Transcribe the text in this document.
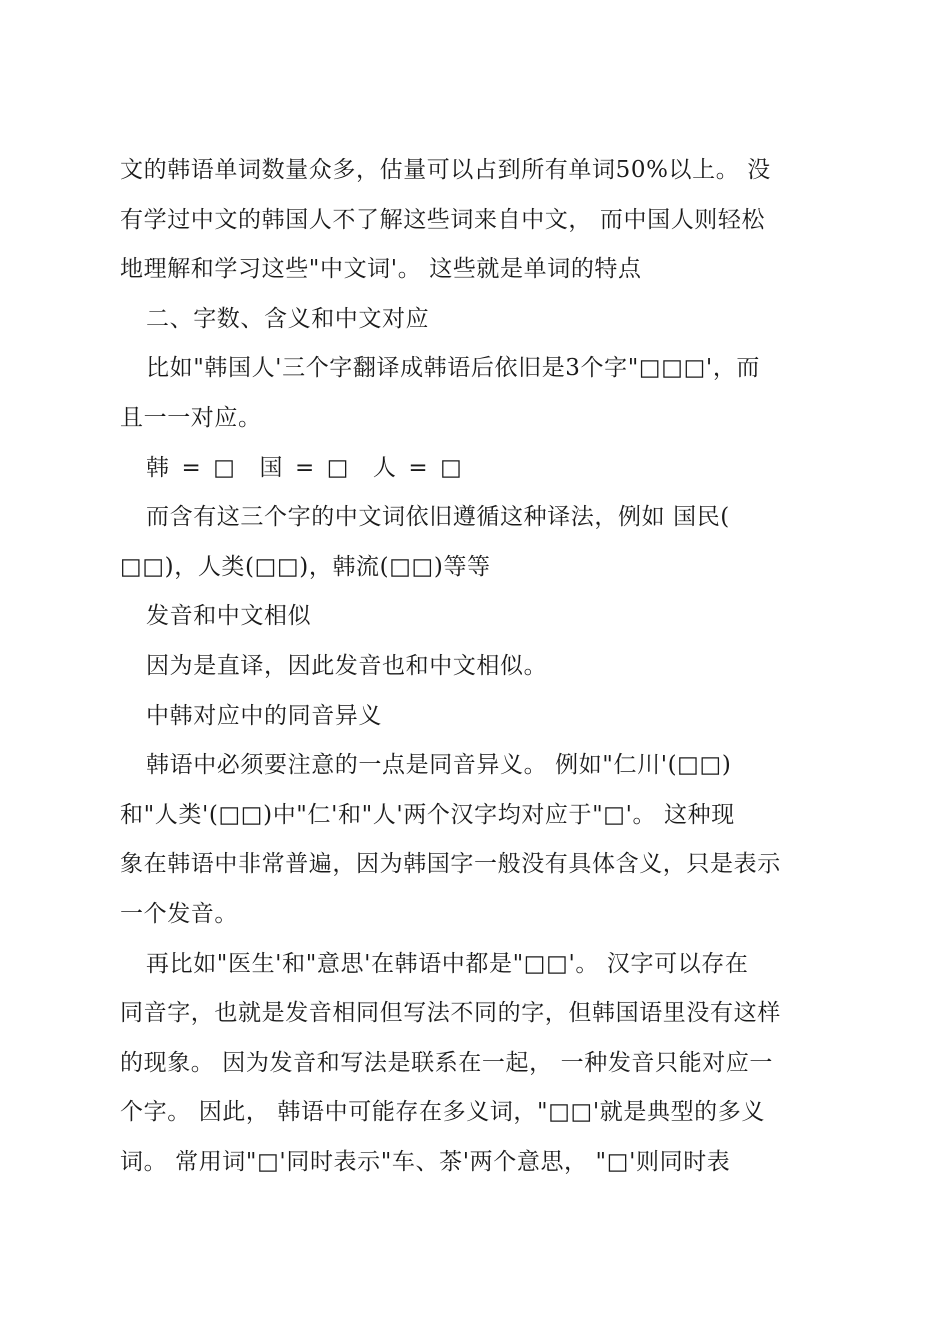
文的韩语单词数量众多，估量可以占到所有单词50%以上。 没
有学过中文的韩国人不了解这些词来自中文， 而中国人则轻松
地理解和学习这些"中文词'。 这些就是单词的特点
二、字数、含义和中文对应
比如"韩国人'三个字翻译成韩语后依旧是3个字"□□□'，而
且一一对应。
韩 = □  国 = □  人 = □
而含有这三个字的中文词依旧遵循这种译法，例如 国民(
□□)，人类(□□)，韩流(□□)等等
发音和中文相似
因为是直译，因此发音也和中文相似。
中韩对应中的同音异义
韩语中必须要注意的一点是同音异义。 例如"仁川'(□□)
和"人类'(□□)中"仁'和"人'两个汉字均对应于"□'。 这种现
象在韩语中非常普遍，因为韩国字一般没有具体含义，只是表示
一个发音。
再比如"医生'和"意思'在韩语中都是"□□'。 汉字可以存在
同音字，也就是发音相同但写法不同的字，但韩国语里没有这样
的现象。 因为发音和写法是联系在一起， 一种发音只能对应一
个字。 因此， 韩语中可能存在多义词，"□□'就是典型的多义
词。 常用词"□'同时表示"车、茶'两个意思， "□'则同时表
